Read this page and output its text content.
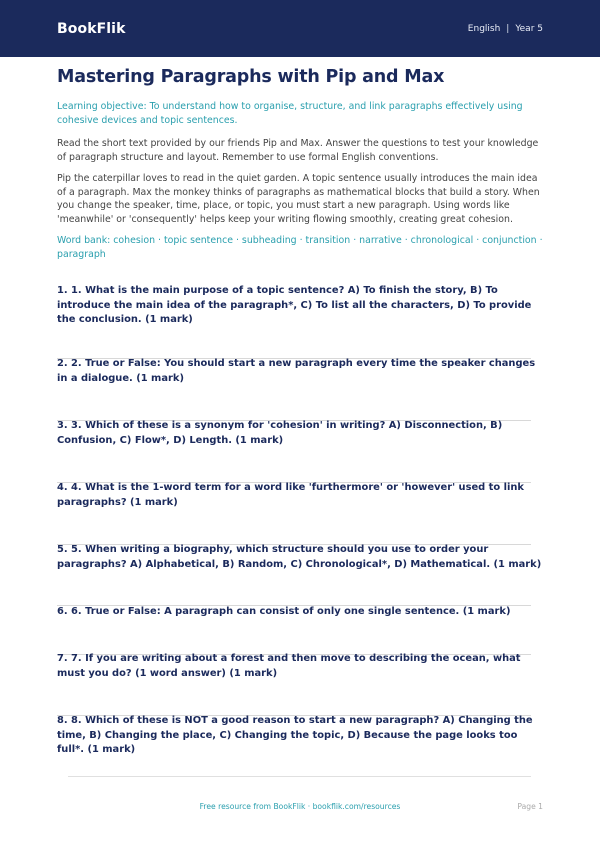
BookFlik	English | Year 5
Mastering Paragraphs with Pip and Max

Learning objective: To understand how to organise, structure, and link paragraphs effectively using cohesive devices and topic sentences.

Read the short text provided by our friends Pip and Max. Answer the questions to test your knowledge of paragraph structure and layout. Remember to use formal English conventions.

Pip the caterpillar loves to read in the quiet garden. A topic sentence usually introduces the main idea of a paragraph. Max the monkey thinks of paragraphs as mathematical blocks that build a story. When you change the speaker, time, place, or topic, you must start a new paragraph. Using words like 'meanwhile' or 'consequently' helps keep your writing flowing smoothly, creating great cohesion.

Word bank: cohesion · topic sentence · subheading · transition · narrative · chronological · conjunction · paragraph

1. 1. What is the main purpose of a topic sentence? A) To finish the story, B) To introduce the main idea of the paragraph*, C) To list all the characters, D) To provide the conclusion. (1 mark)
2. 2. True or False: You should start a new paragraph every time the speaker changes in a dialogue. (1 mark)
3. 3. Which of these is a synonym for 'cohesion' in writing? A) Disconnection, B) Confusion, C) Flow*, D) Length. (1 mark)
4. 4. What is the 1-word term for a word like 'furthermore' or 'however' used to link paragraphs? (1 mark)
5. 5. When writing a biography, which structure should you use to order your paragraphs? A) Alphabetical, B) Random, C) Chronological*, D) Mathematical. (1 mark)
6. 6. True or False: A paragraph can consist of only one single sentence. (1 mark)
7. 7. If you are writing about a forest and then move to describing the ocean, what must you do? (1 word answer) (1 mark)
8. 8. Which of these is NOT a good reason to start a new paragraph? A) Changing the time, B) Changing the place, C) Changing the topic, D) Because the page looks too full*. (1 mark)
Free resource from BookFlik · bookflik.com/resources	Page 1
